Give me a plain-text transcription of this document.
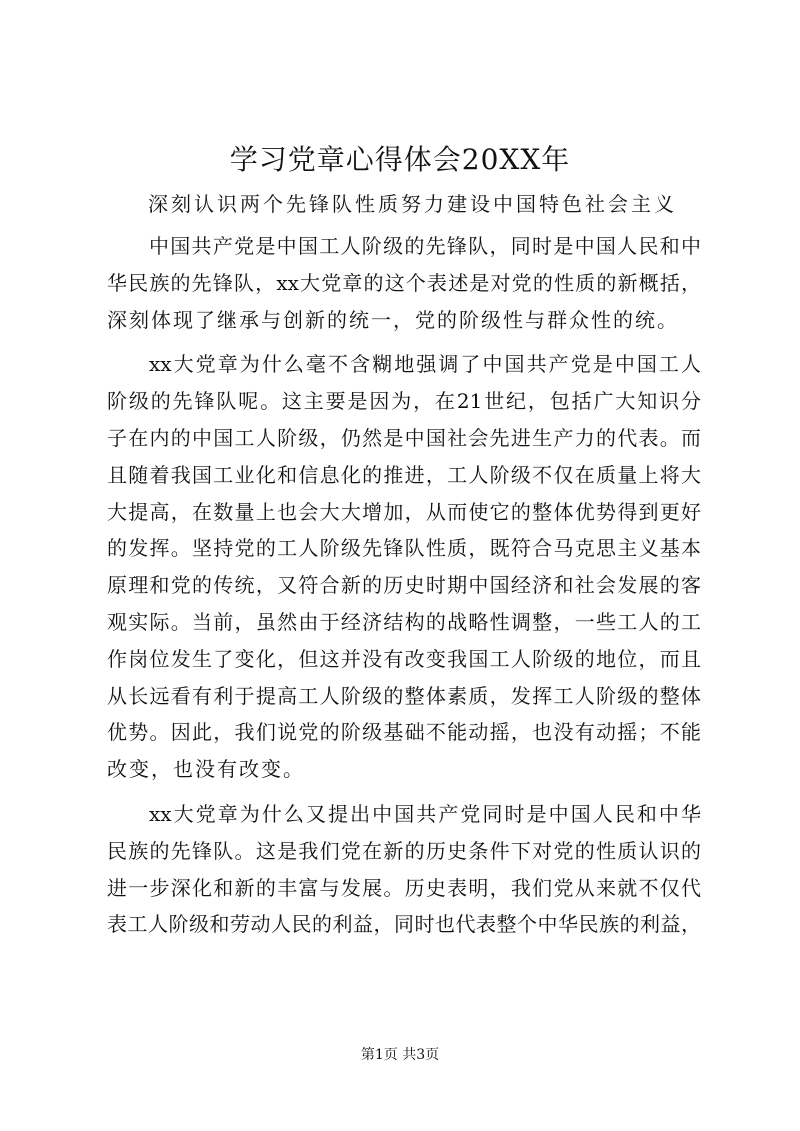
学习党章心得体会20XX年

深刻认识两个先锋队性质努力建设中国特色社会主义

中国共产党是中国工人阶级的先锋队，同时是中国人民和中
华民族的先锋队，xx大党章的这个表述是对党的性质的新概括，
深刻体现了继承与创新的统一，党的阶级性与群众性的统。
xx大党章为什么毫不含糊地强调了中国共产党是中国工人
阶级的先锋队呢。这主要是因为，在21世纪，包括广大知识分
子在内的中国工人阶级，仍然是中国社会先进生产力的代表。而
且随着我国工业化和信息化的推进，工人阶级不仅在质量上将大
大提高，在数量上也会大大增加，从而使它的整体优势得到更好
的发挥。坚持党的工人阶级先锋队性质，既符合马克思主义基本
原理和党的传统，又符合新的历史时期中国经济和社会发展的客
观实际。当前，虽然由于经济结构的战略性调整，一些工人的工
作岗位发生了变化，但这并没有改变我国工人阶级的地位，而且
从长远看有利于提高工人阶级的整体素质，发挥工人阶级的整体
优势。因此，我们说党的阶级基础不能动摇，也没有动摇；不能
改变，也没有改变。
xx大党章为什么又提出中国共产党同时是中国人民和中华
民族的先锋队。这是我们党在新的历史条件下对党的性质认识的
进一步深化和新的丰富与发展。历史表明，我们党从来就不仅代
表工人阶级和劳动人民的利益，同时也代表整个中华民族的利益，

第1页 共3页
